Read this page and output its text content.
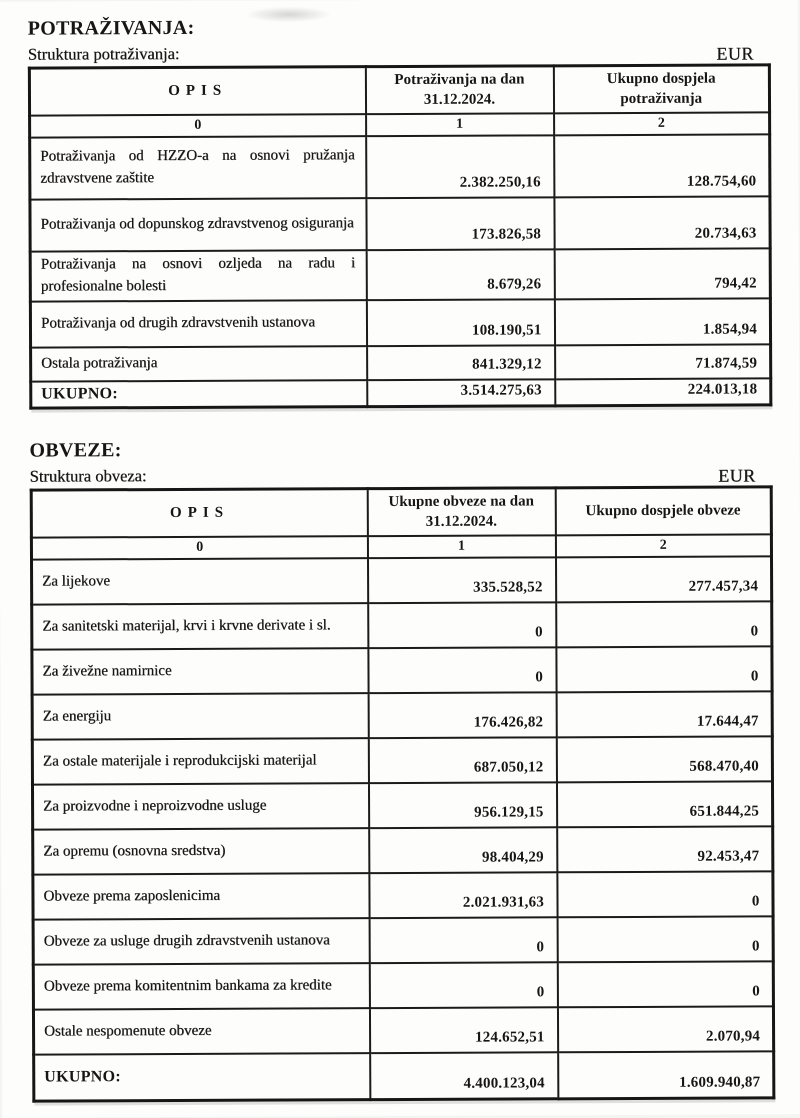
POTRAŽIVANJA:
Struktura potraživanja:	EUR
OPIS	Potraživanja na dan 31.12.2024.	Ukupno dospjela potraživanja
0	1	2
Potraživanja od HZZO-a na osnovi pružanja zdravstvene zaštite	2.382.250,16	128.754,60
Potraživanja od dopunskog zdravstvenog osiguranja	173.826,58	20.734,63
Potraživanja na osnovi ozljeda na radu i profesionalne bolesti	8.679,26	794,42
Potraživanja od drugih zdravstvenih ustanova	108.190,51	1.854,94
Ostala potraživanja	841.329,12	71.874,59
UKUPNO:	3.514.275,63	224.013,18
OBVEZE:
Struktura obveza:	EUR
OPIS	Ukupne obveze na dan 31.12.2024.	Ukupno dospjele obveze
0	1	2
Za lijekove	335.528,52	277.457,34
Za sanitetski materijal, krvi i krvne derivate i sl.	0	0
Za živežne namirnice	0	0
Za energiju	176.426,82	17.644,47
Za ostale materijale i reprodukcijski materijal	687.050,12	568.470,40
Za proizvodne i neproizvodne usluge	956.129,15	651.844,25
Za opremu (osnovna sredstva)	98.404,29	92.453,47
Obveze prema zaposlenicima	2.021.931,63	0
Obveze za usluge drugih zdravstvenih ustanova	0	0
Obveze prema komitentnim bankama za kredite	0	0
Ostale nespomenute obveze	124.652,51	2.070,94
UKUPNO:	4.400.123,04	1.609.940,87
